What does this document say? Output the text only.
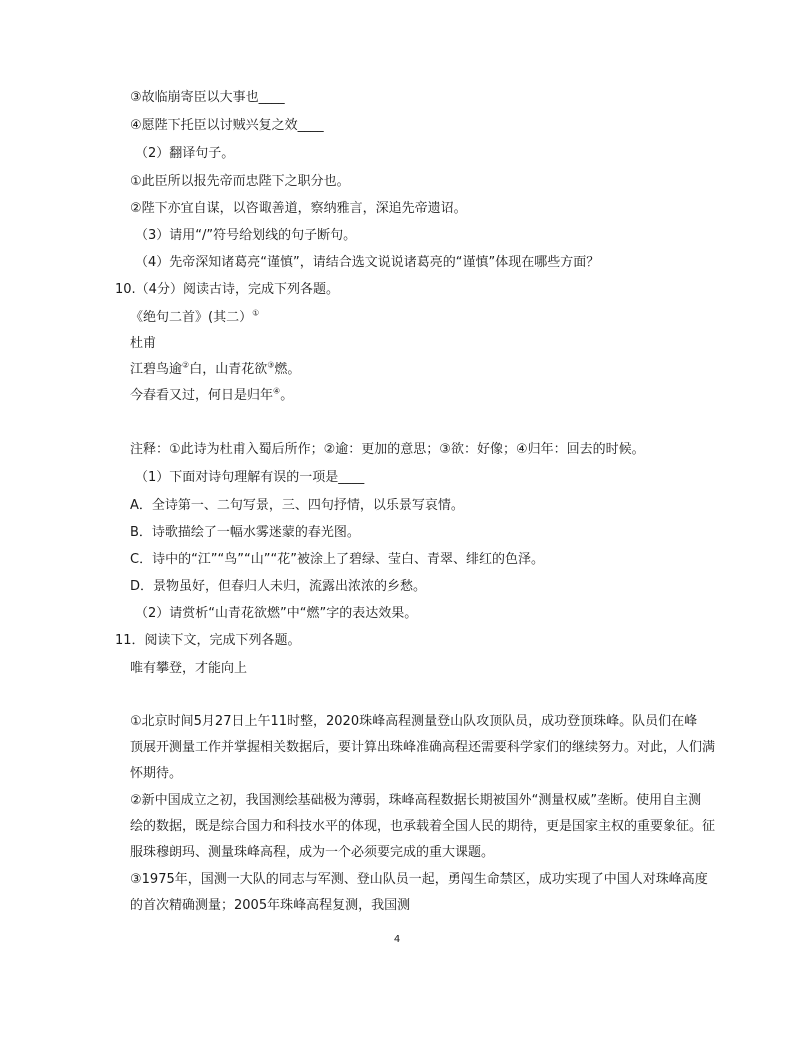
③故临崩寄臣以大事也____
④愿陛下托臣以讨贼兴复之效____
（2）翻译句子。
①此臣所以报先帝而忠陛下之职分也。
②陛下亦宜自谋，以咨诹善道，察纳雅言，深追先帝遗诏。
（3）请用“/”符号给划线的句子断句。
（4）先帝深知诸葛亮“谨慎”，请结合选文说说诸葛亮的“谨慎”体现在哪些方面？
10.（4分）阅读古诗，完成下列各题。
《绝句二首》(其二）①
杜甫
江碧鸟逾②白，山青花欲③燃。
今春看又过，何日是归年④。
注释：①此诗为杜甫入蜀后所作；②逾：更加的意思；③欲：好像；④归年：回去的时候。
（1）下面对诗句理解有误的一项是____
A．全诗第一、二句写景，三、四句抒情，以乐景写哀情。
B．诗歌描绘了一幅水雾迷蒙的春光图。
C．诗中的“江”“鸟”“山”“花”被涂上了碧绿、莹白、青翠、绯红的色泽。
D．景物虽好，但春归人未归，流露出浓浓的乡愁。
（2）请赏析“山青花欲燃”中“燃”字的表达效果。
11．阅读下文，完成下列各题。
唯有攀登，才能向上
①北京时间5月27日上午11时整，2020珠峰高程测量登山队攻顶队员，成功登顶珠峰。队员们在峰
顶展开测量工作并掌握相关数据后，要计算出珠峰准确高程还需要科学家们的继续努力。对此，人们满
怀期待。
②新中国成立之初，我国测绘基础极为薄弱，珠峰高程数据长期被国外“测量权威”垄断。使用自主测
绘的数据，既是综合国力和科技水平的体现，也承载着全国人民的期待，更是国家主权的重要象征。征
服珠穆朗玛、测量珠峰高程，成为一个必须要完成的重大课题。
③1975年，国测一大队的同志与军测、登山队员一起，勇闯生命禁区，成功实现了中国人对珠峰高度
的首次精确测量；2005年珠峰高程复测，我国测
4
